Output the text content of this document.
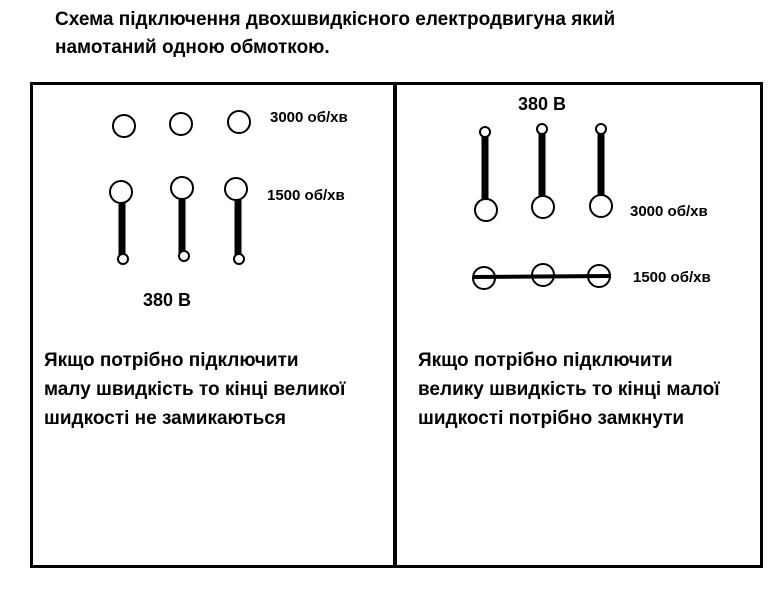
Схема підключення двохшвидкісного електродвигуна який
намотаний одною обмоткою.

3000 об/хв
1500 об/хв
380 В

Якщо потрібно підключити
малу швидкість то кінці великої
шидкості не замикаються

380 В
3000 об/хв
1500 об/хв

Якщо потрібно підключити
велику швидкість то кінці малої
шидкості потрібно замкнути
